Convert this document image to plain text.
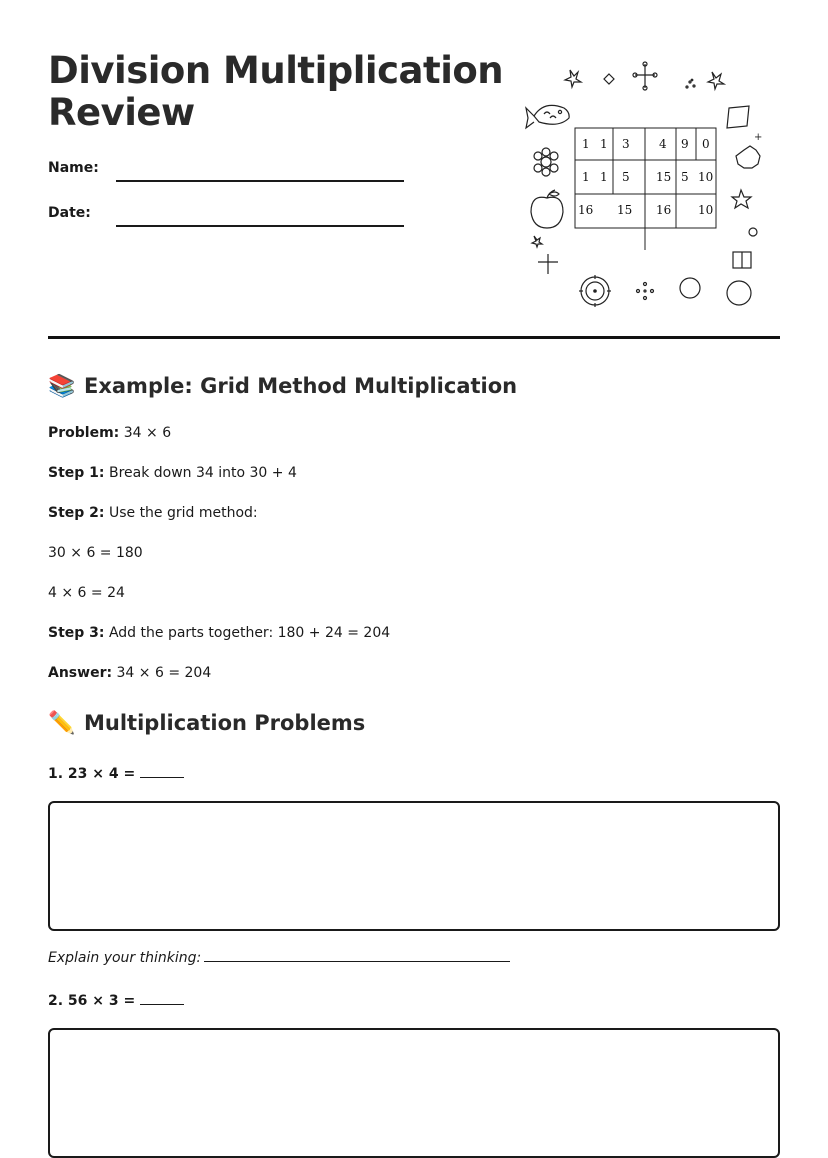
Division Multiplication
Review
Name:
Date:
+
1 1 3 4 9 0
1 1 5 15 5 10
16 15 16 10
📚 Example: Grid Method Multiplication
Problem: 34 × 6
Step 1: Break down 34 into 30 + 4
Step 2: Use the grid method:
30 × 6 = 180
4 × 6 = 24
Step 3: Add the parts together: 180 + 24 = 204
Answer: 34 × 6 = 204
✏️ Multiplication Problems
1. 23 × 4 =
Explain your thinking:
2. 56 × 3 =
